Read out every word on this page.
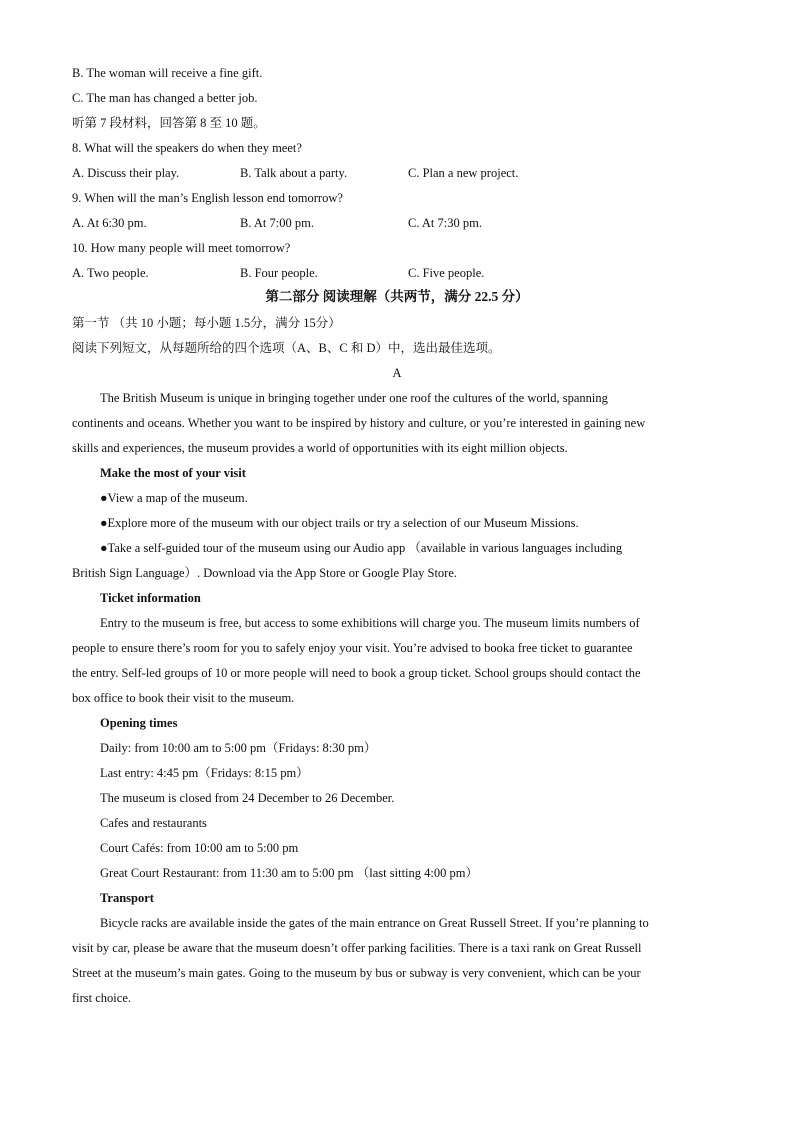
B. The woman will receive a fine gift.
C. The man has changed a better job.
听第 7 段材料，回答第 8 至 10 题。
8. What will the speakers do when they meet?
A. Discuss their play.	B. Talk about a party.	C. Plan a new project.
9. When will the man’s English lesson end tomorrow?
A. At 6:30 pm.	B. At 7:00 pm.	C. At 7:30 pm.
10. How many people will meet tomorrow?
A. Two people.	B. Four people.	C. Five people.
第二部分 阅读理解（共两节，满分 22.5 分）
第一节 （共 10 小题；每小题 1.5分，满分 15分）
阅读下列短文，从每题所给的四个选项（A、B、C 和 D）中，选出最佳选项。
A
The British Museum is unique in bringing together under one roof the cultures of the world, spanning
continents and oceans. Whether you want to be inspired by history and culture, or you’re interested in gaining new
skills and experiences, the museum provides a world of opportunities with its eight million objects.
Make the most of your visit
●View a map of the museum.
●Explore more of the museum with our object trails or try a selection of our Museum Missions.
●Take a self-guided tour of the museum using our Audio app （available in various languages including
British Sign Language）. Download via the App Store or Google Play Store.
Ticket information
Entry to the museum is free, but access to some exhibitions will charge you. The museum limits numbers of
people to ensure there’s room for you to safely enjoy your visit. You’re advised to booka free ticket to guarantee
the entry. Self-led groups of 10 or more people will need to book a group ticket. School groups should contact the
box office to book their visit to the museum.
Opening times
Daily: from 10:00 am to 5:00 pm（Fridays: 8:30 pm）
Last entry: 4:45 pm（Fridays: 8:15 pm）
The museum is closed from 24 December to 26 December.
Cafes and restaurants
Court Cafés: from 10:00 am to 5:00 pm
Great Court Restaurant: from 11:30 am to 5:00 pm （last sitting 4:00 pm）
Transport
Bicycle racks are available inside the gates of the main entrance on Great Russell Street. If you’re planning to
visit by car, please be aware that the museum doesn’t offer parking facilities. There is a taxi rank on Great Russell
Street at the museum’s main gates. Going to the museum by bus or subway is very convenient, which can be your
first choice.
